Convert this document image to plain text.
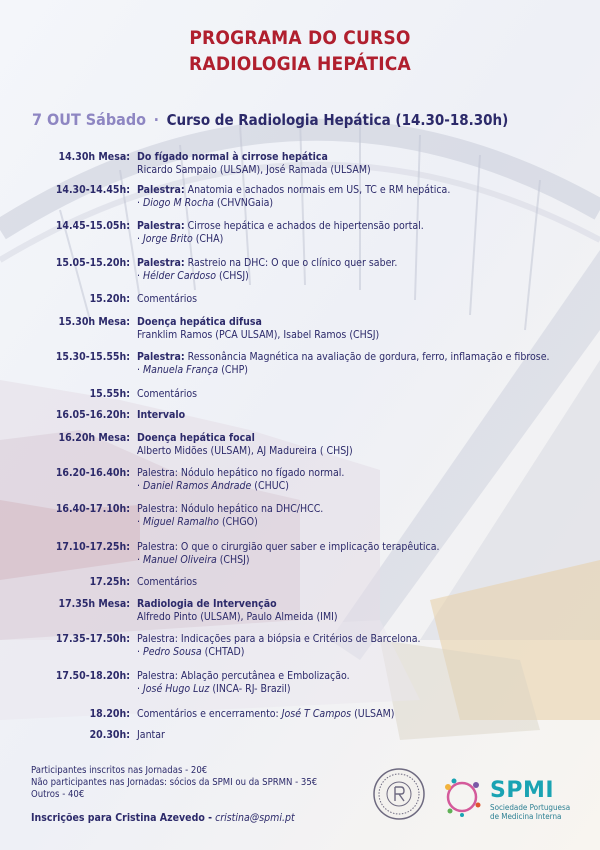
PROGRAMA DO CURSO
RADIOLOGIA HEPÁTICA
7 OUT Sábado · Curso de Radiologia Hepática (14.30-18.30h)
14.30h Mesa: Do fígado normal à cirrose hepática
Ricardo Sampaio (ULSAM), José Ramada (ULSAM)
14.30-14.45h: Palestra: Anatomia e achados normais em US, TC e RM hepática.
· Diogo M Rocha (CHVNGaia)
14.45-15.05h: Palestra: Cirrose hepática e achados de hipertensão portal.
· Jorge Brito (CHA)
15.05-15.20h: Palestra: Rastreio na DHC: O que o clínico quer saber.
· Hélder Cardoso (CHSJ)
15.20h: Comentários
15.30h Mesa: Doença hepática difusa
Franklim Ramos (PCA ULSAM), Isabel Ramos (CHSJ)
15.30-15.55h: Palestra: Ressonância Magnética na avaliação de gordura, ferro, inflamação e fibrose.
· Manuela França (CHP)
15.55h: Comentários
16.05-16.20h: Intervalo
16.20h Mesa: Doença hepática focal
Alberto Midões (ULSAM), AJ Madureira ( CHSJ)
16.20-16.40h: Palestra: Nódulo hepático no fígado normal.
· Daniel Ramos Andrade (CHUC)
16.40-17.10h: Palestra: Nódulo hepático na DHC/HCC.
· Miguel Ramalho (CHGO)
17.10-17.25h: Palestra: O que o cirurgião quer saber e implicação terapêutica.
· Manuel Oliveira (CHSJ)
17.25h: Comentários
17.35h Mesa: Radiologia de Intervenção
Alfredo Pinto (ULSAM), Paulo Almeida (IMI)
17.35-17.50h: Palestra: Indicações para a biópsia e Critérios de Barcelona.
· Pedro Sousa (CHTAD)
17.50-18.20h: Palestra: Ablação percutânea e Embolização.
· José Hugo Luz (INCA- RJ- Brazil)
18.20h: Comentários e encerramento: José T Campos (ULSAM)
20.30h: Jantar
Participantes inscritos nas Jornadas - 20€
Não participantes nas Jornadas: sócios da SPMI ou da SPRMN - 35€
Outros - 40€
Inscrições para Cristina Azevedo - cristina@spmi.pt
SPMI
Sociedade Portuguesa
de Medicina Interna
